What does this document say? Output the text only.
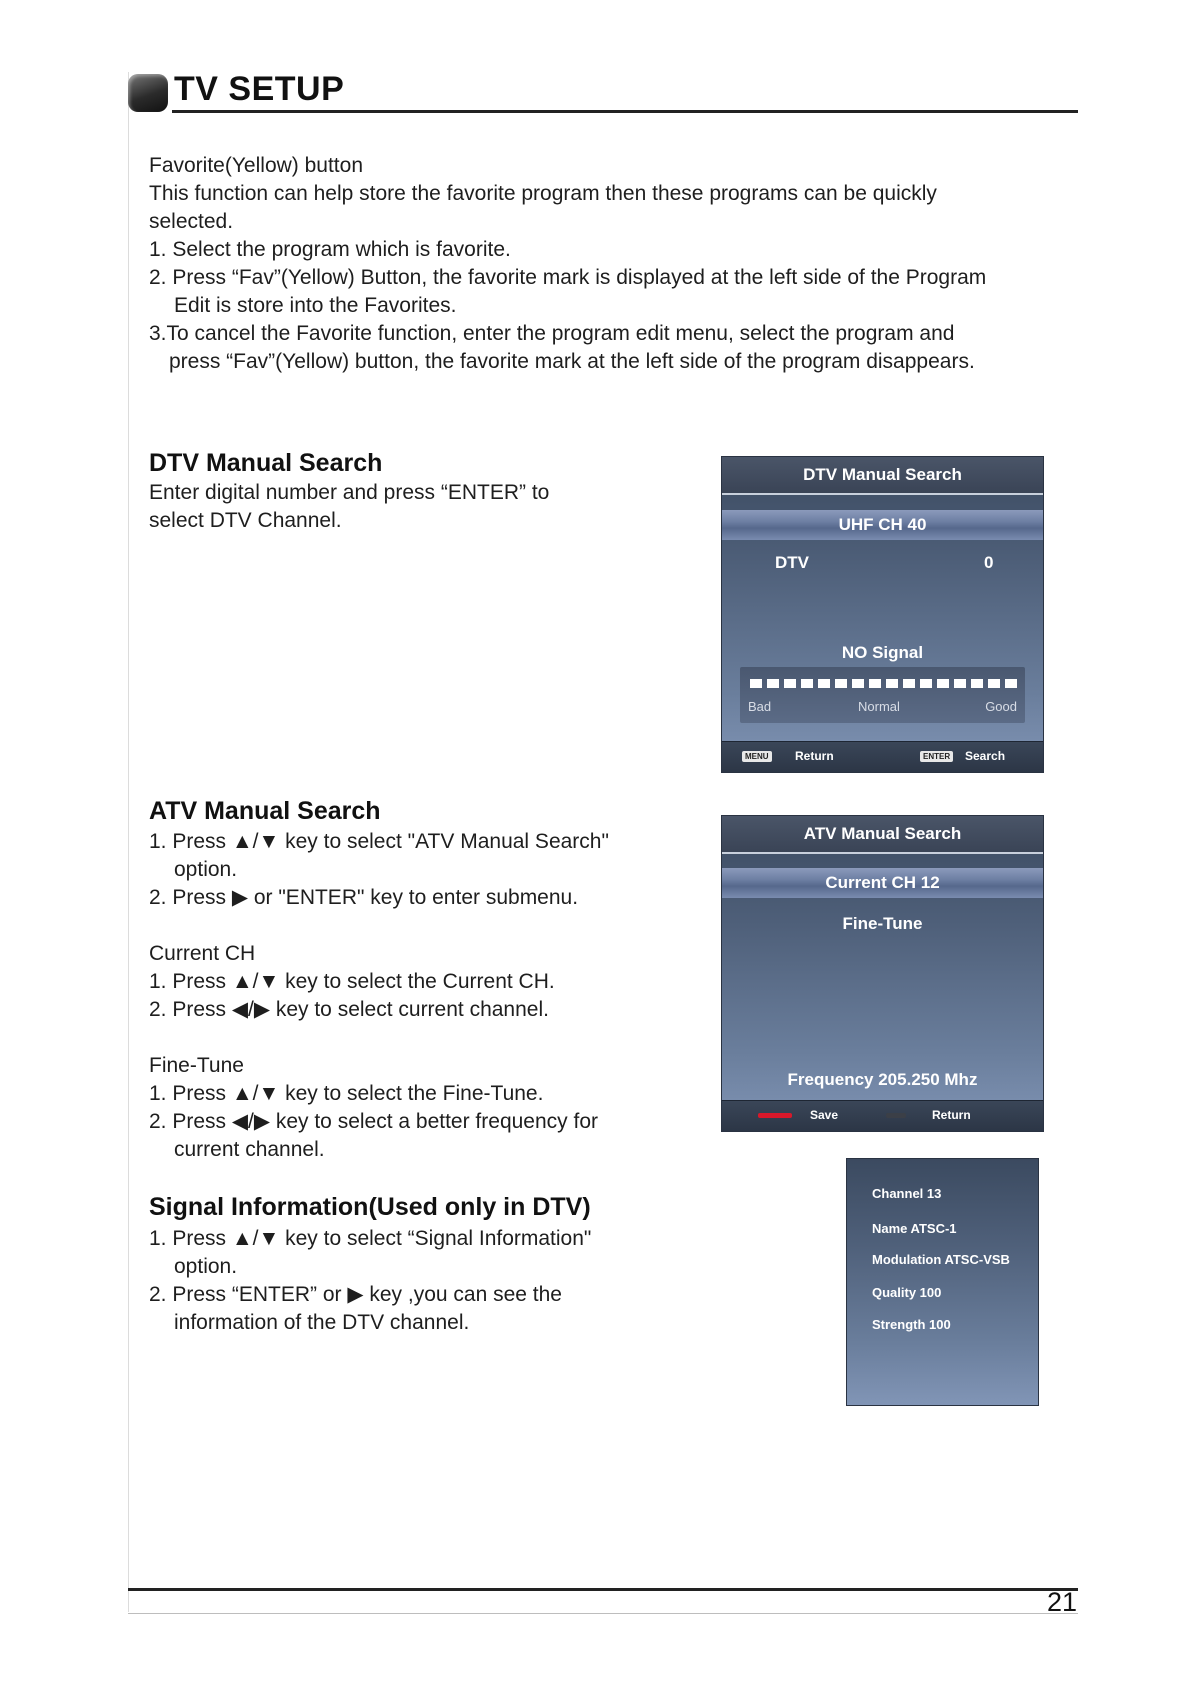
TV SETUP

Favorite(Yellow) button

This function can help store the favorite program then these programs can be quickly

selected.

1. Select the program which is favorite.

2. Press “Fav”(Yellow) Button, the favorite mark is displayed at the left side of the Program

Edit is store into the Favorites.

3.To cancel the Favorite function, enter the program edit menu, select the program and

press “Fav”(Yellow) button, the favorite mark at the left side of the program disappears.

DTV Manual Search

Enter digital number and press “ENTER” to

select DTV Channel.

DTV Manual Search
UHF CH 40
DTV	0
NO Signal
Bad	Normal	Good
MENU Return	ENTER Search
ATV Manual Search

1. Press ▲/▼ key to select "ATV Manual Search"

option.

2. Press ▶ or "ENTER" key to enter submenu.

Current CH

1. Press ▲/▼ key to select the Current CH.

2. Press ◀/▶ key to select current channel.

Fine-Tune

1. Press ▲/▼ key to select the Fine-Tune.

2. Press ◀/▶ key to select a better frequency for

current channel.

ATV Manual Search
Current CH 12
Fine-Tune
Frequency 205.250 Mhz
Save	Return
Signal Information(Used only in DTV)

1. Press ▲/▼ key to select “Signal Information"

option.

2. Press “ENTER” or ▶ key ,you can see the

information of the DTV channel.

Channel 13
Name ATSC-1
Modulation ATSC-VSB
Quality 100
Strength 100
21
